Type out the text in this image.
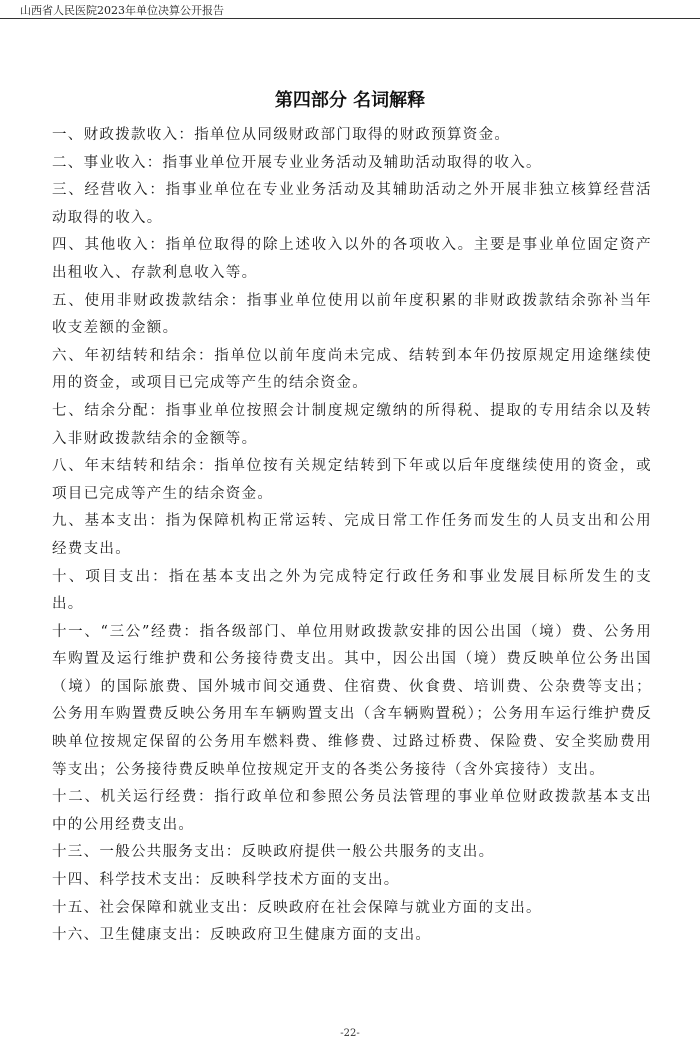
山西省人民医院2023年单位决算公开报告
第四部分 名词解释

一、财政拨款收入：指单位从同级财政部门取得的财政预算资金。

二、事业收入：指事业单位开展专业业务活动及辅助活动取得的收入。

三、经营收入：指事业单位在专业业务活动及其辅助活动之外开展非独立核算经营活动取得的收入。

四、其他收入：指单位取得的除上述收入以外的各项收入。主要是事业单位固定资产出租收入、存款利息收入等。

五、使用非财政拨款结余：指事业单位使用以前年度积累的非财政拨款结余弥补当年收支差额的金额。

六、年初结转和结余：指单位以前年度尚未完成、结转到本年仍按原规定用途继续使用的资金，或项目已完成等产生的结余资金。

七、结余分配：指事业单位按照会计制度规定缴纳的所得税、提取的专用结余以及转入非财政拨款结余的金额等。

八、年末结转和结余：指单位按有关规定结转到下年或以后年度继续使用的资金，或项目已完成等产生的结余资金。

九、基本支出：指为保障机构正常运转、完成日常工作任务而发生的人员支出和公用经费支出。

十、项目支出：指在基本支出之外为完成特定行政任务和事业发展目标所发生的支出。

十一、“三公”经费：指各级部门、单位用财政拨款安排的因公出国（境）费、公务用车购置及运行维护费和公务接待费支出。其中，因公出国（境）费反映单位公务出国（境）的国际旅费、国外城市间交通费、住宿费、伙食费、培训费、公杂费等支出；公务用车购置费反映公务用车车辆购置支出（含车辆购置税）；公务用车运行维护费反映单位按规定保留的公务用车燃料费、维修费、过路过桥费、保险费、安全奖励费用等支出；公务接待费反映单位按规定开支的各类公务接待（含外宾接待）支出。

十二、机关运行经费：指行政单位和参照公务员法管理的事业单位财政拨款基本支出中的公用经费支出。

十三、一般公共服务支出：反映政府提供一般公共服务的支出。

十四、科学技术支出：反映科学技术方面的支出。

十五、社会保障和就业支出：反映政府在社会保障与就业方面的支出。

十六、卫生健康支出：反映政府卫生健康方面的支出。

-22-
